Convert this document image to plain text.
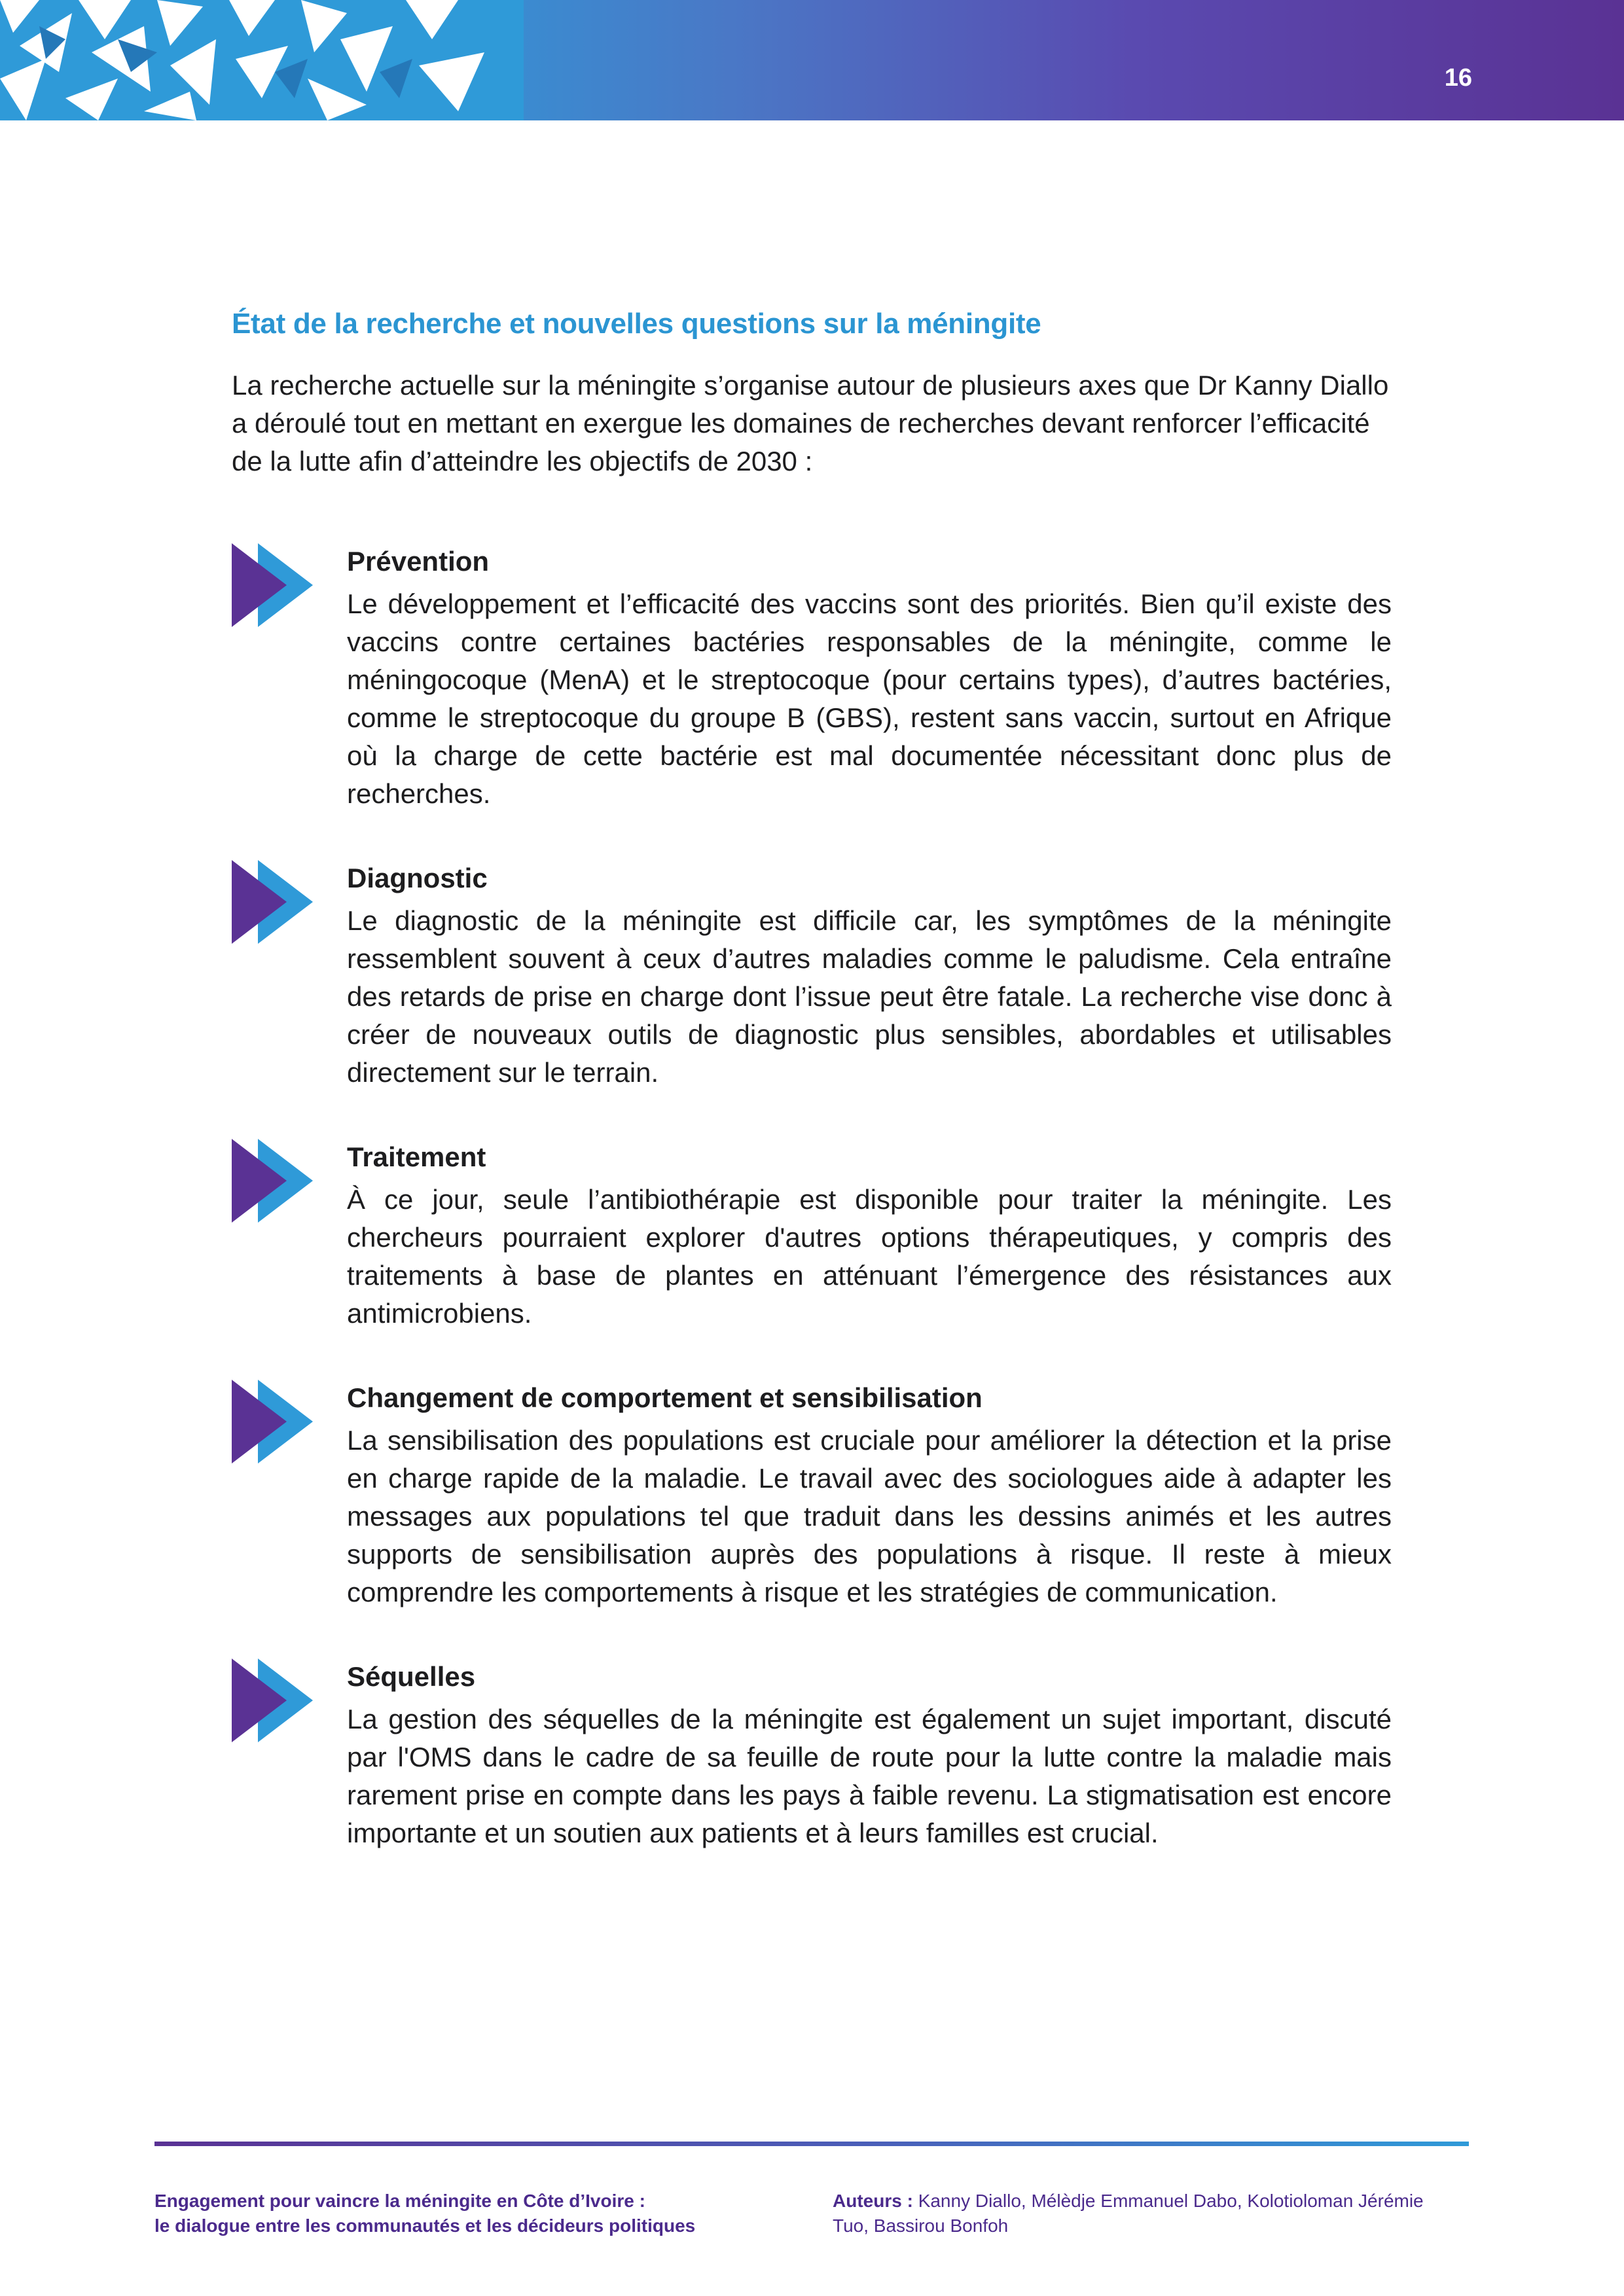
16
État de la recherche et nouvelles questions sur la méningite

La recherche actuelle sur la méningite s’organise autour de plusieurs axes que Dr Kanny Diallo a déroulé tout en mettant en exergue les domaines de recherches devant renforcer l’efficacité de la lutte afin d’atteindre les objectifs de 2030 :

Prévention

Le développement et l’efficacité des vaccins sont des priorités. Bien qu’il existe des vaccins contre certaines bactéries responsables de la méningite, comme le méningocoque (MenA) et le streptocoque (pour certains types), d’autres bactéries, comme le streptocoque du groupe B (GBS), restent sans vaccin, surtout en Afrique où la charge de cette bactérie est mal documentée nécessitant donc plus de recherches.

Diagnostic

Le diagnostic de la méningite est difficile car, les symptômes de la méningite ressemblent souvent à ceux d’autres maladies comme le paludisme. Cela entraîne des retards de prise en charge dont l’issue peut être fatale. La recherche vise donc à créer de nouveaux outils de diagnostic plus sensibles, abordables et utilisables directement sur le terrain.

Traitement

À ce jour, seule l’antibiothérapie est disponible pour traiter la méningite. Les chercheurs pourraient explorer d'autres options thérapeutiques, y compris des traitements à base de plantes en atténuant l’émergence des résistances aux antimicrobiens.

Changement de comportement et sensibilisation

La sensibilisation des populations est cruciale pour améliorer la détection et la prise en charge rapide de la maladie. Le travail avec des sociologues aide à adapter les messages aux populations tel que traduit dans les dessins animés et les autres supports de sensibilisation auprès des populations à risque. Il reste à mieux comprendre les comportements à risque et les stratégies de communication.

Séquelles

La gestion des séquelles de la méningite est également un sujet important, discuté par l'OMS dans le cadre de sa feuille de route pour la lutte contre la maladie mais rarement prise en compte dans les pays à faible revenu. La stigmatisation est encore importante et un soutien aux patients et à leurs familles est crucial.

Engagement pour vaincre la méningite en Côte d’Ivoire :
le dialogue entre les communautés et les décideurs politiques
Auteurs : Kanny Diallo, Mélèdje Emmanuel Dabo, Kolotioloman Jérémie Tuo, Bassirou Bonfoh
